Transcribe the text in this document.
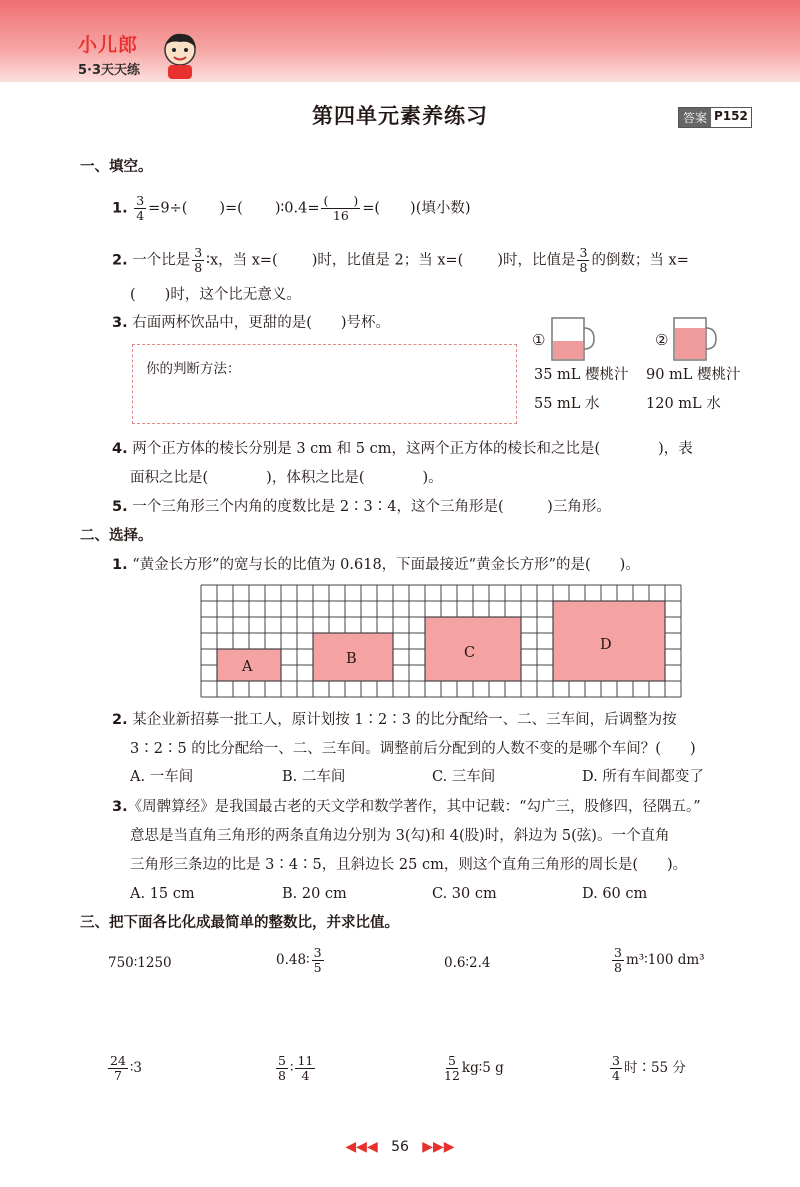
小儿郎
5·3天天练
第四单元素养练习	答案 P152
一、填空。
1. $\frac{3}{4} =9\div$( )=( )∶0.4= $\frac{( )}{16}$ =( )(填小数)
2. 一个比是 $\frac{3}{8}$ ∶x，当 x=( )时，比值是 2；当 x=( )时，比值是 $\frac{3}{8}$ 的倒数；当 x=
(　　)时，这个比无意义。
3. 右面两杯饮品中，更甜的是(　　)号杯。
你的判断方法：
①	②
35 mL 樱桃汁
55 mL 水
90 mL 樱桃汁
120 mL 水
4. 两个正方体的棱长分别是 3 cm 和 5 cm，这两个正方体的棱长和之比是(　　　　)，表
面积之比是(　　　　)，体积之比是(　　　　)。
5. 一个三角形三个内角的度数比是 2∶3∶4，这个三角形是(　　　)三角形。
二、选择。
1. “黄金长方形”的宽与长的比值为 0.618，下面最接近“黄金长方形”的是(　　)。
A	B	C	D
2. 某企业新招募一批工人，原计划按 1∶2∶3 的比分配给一、二、三车间，后调整为按
3∶2∶5 的比分配给一、二、三车间。调整前后分配到的人数不变的是哪个车间？(　　)
A. 一车间	B. 二车间	C. 三车间	D. 所有车间都变了
3.《周髀算经》是我国最古老的天文学和数学著作，其中记载：“勾广三，股修四，径隅五。”
意思是当直角三角形的两条直角边分别为 3(勾)和 4(股)时，斜边为 5(弦)。一个直角
三角形三条边的比是 3∶4∶5，且斜边长 25 cm，则这个直角三角形的周长是(　　)。
A. 15 cm	B. 20 cm	C. 30 cm	D. 60 cm
三、把下面各比化成最简单的整数比，并求比值。
750∶1250	0.48∶ $\frac{3}{5}$	0.6∶2.4	$\frac{3}{8}$ m³∶100 dm³
$\frac{24}{7}$ ∶3	$\frac{5}{8}$ ∶ $\frac{11}{4}$	$\frac{5}{12}$ kg∶5 g	$\frac{3}{4}$ 时∶55 分
◀◀◀ 56 ▶▶▶
